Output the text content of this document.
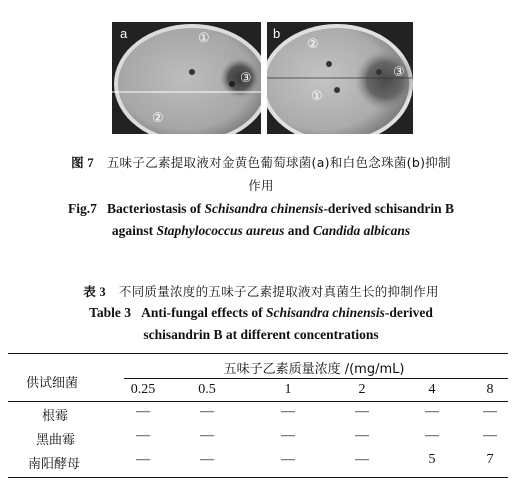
a	①
②
③
b
①
②
③
图 7 五味子乙素提取液对金黄色葡萄球菌(a)和白色念珠菌(b)抑制
作用
Fig.7 Bacteriostasis of Schisandra chinensis-derived schisandrin B
against Staphylococcus aureus and Candida albicans
表 3 不同质量浓度的五味子乙素提取液对真菌生长的抑制作用
Table 3 Anti-fungal effects of Schisandra chinensis-derived
schisandrin B at different concentrations
供试细菌
五味子乙素质量浓度 /(mg/mL)
0.25	0.5	1	2	4	8
根霉	—	—	—	—	—	—
黑曲霉	—	—	—	—	—	—
南阳酵母	—	—	—	—	5	7
